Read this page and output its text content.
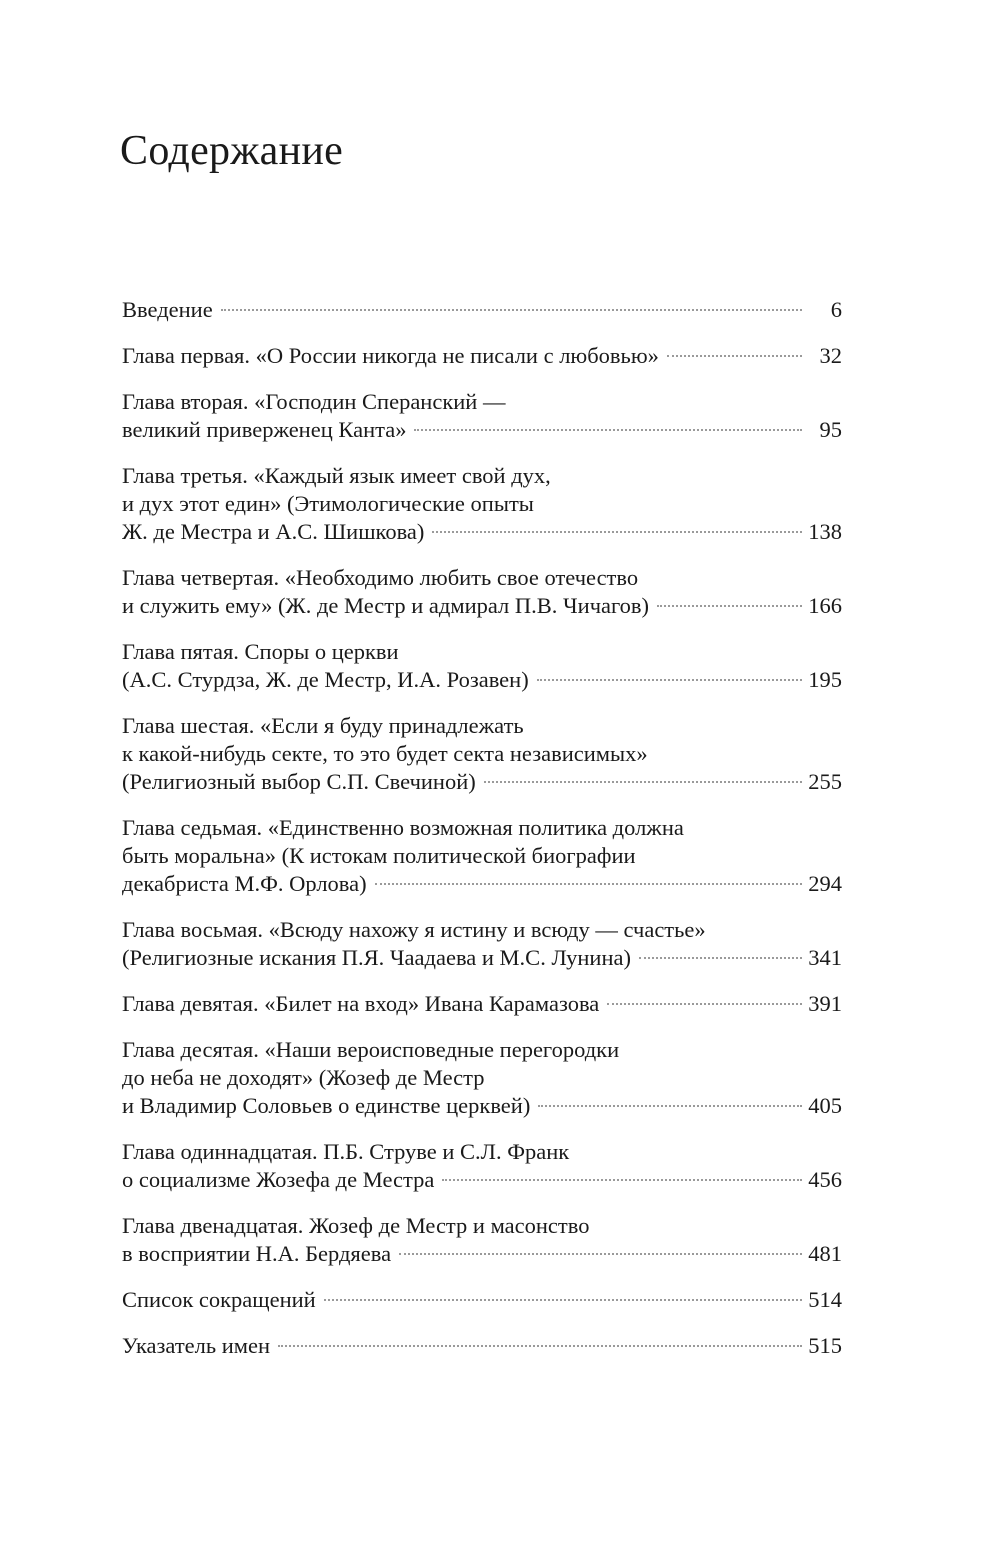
Содержание
Введение	6
Глава первая. «О России никогда не писали с любовью»	32
Глава вторая. «Господин Сперанский —
великий приверженец Канта»	95
Глава третья. «Каждый язык имеет свой дух,
и дух этот един» (Этимологические опыты
Ж. де Местра и А.С. Шишкова)	138
Глава четвертая. «Необходимо любить свое отечество
и служить ему» (Ж. де Местр и адмирал П.В. Чичагов)	166
Глава пятая. Споры о церкви
(А.С. Стурдза, Ж. де Местр, И.А. Розавен)	195
Глава шестая. «Если я буду принадлежать
к какой-нибудь секте, то это будет секта независимых»
(Религиозный выбор С.П. Свечиной)	255
Глава седьмая. «Единственно возможная политика должна
быть моральна» (К истокам политической биографии
декабриста М.Ф. Орлова)	294
Глава восьмая. «Всюду нахожу я истину и всюду — счастье»
(Религиозные искания П.Я. Чаадаева и М.С. Лунина)	341
Глава девятая. «Билет на вход» Ивана Карамазова	391
Глава десятая. «Наши вероисповедные перегородки
до неба не доходят» (Жозеф де Местр
и Владимир Соловьев о единстве церквей)	405
Глава одиннадцатая. П.Б. Струве и С.Л. Франк
о социализме Жозефа де Местра	456
Глава двенадцатая. Жозеф де Местр и масонство
в восприятии Н.А. Бердяева	481
Список сокращений	514
Указатель имен	515
